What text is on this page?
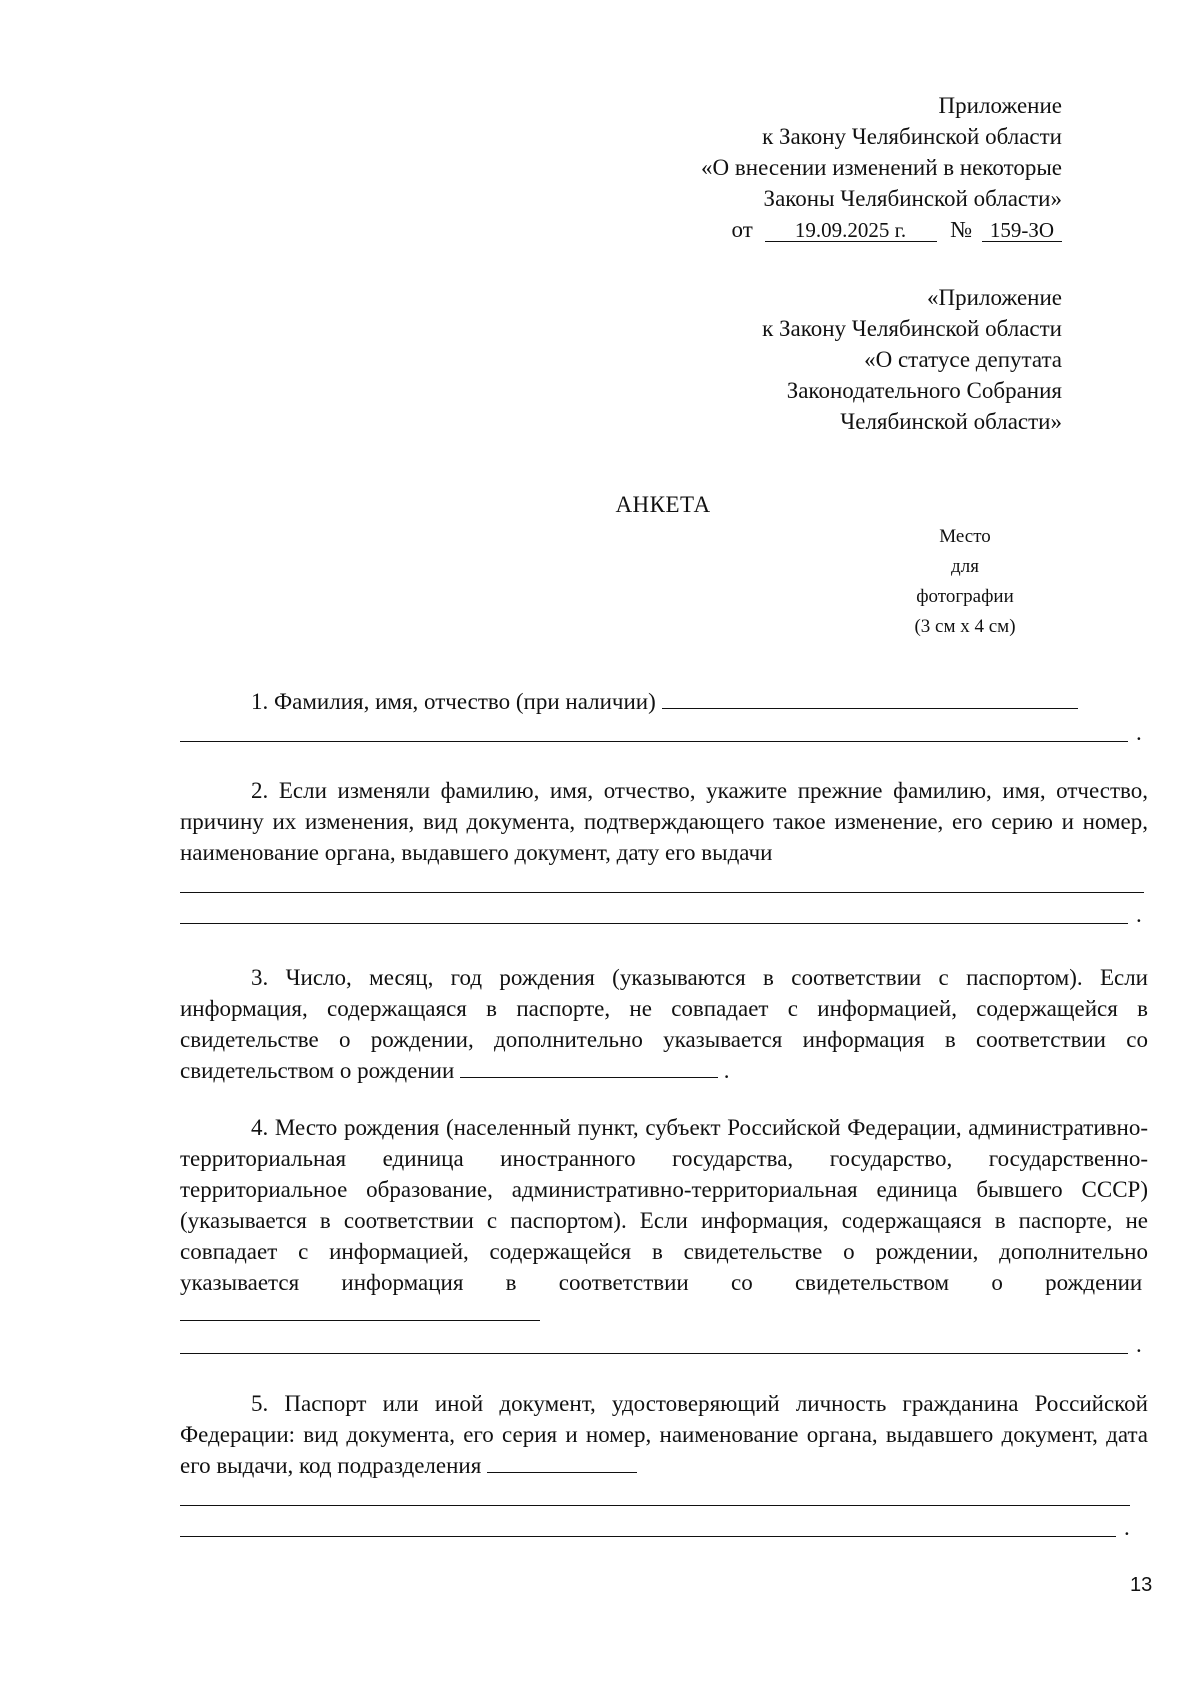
Приложение
к Закону Челябинской области
«О внесении изменений в некоторые
Законы Челябинской области»
от 19.09.2025 г. № 159-ЗО
«Приложение
к Закону Челябинской области
«О статусе депутата
Законодательного Собрания
Челябинской области»
АНКЕТА
Место
для
фотографии
(3 см х 4 см)

1. Фамилия, имя, отчество (при наличии)

.

2. Если изменяли фамилию, имя, отчество, укажите прежние фамилию, имя, отчество, причину их изменения, вид документа, подтверждающего такое изменение, его серию и номер, наименование органа, выдавшего документ, дату его выдачи

.

3. Число, месяц, год рождения (указываются в соответствии с паспортом). Если информация, содержащаяся в паспорте, не совпадает с информацией, содержащейся в свидетельстве о рождении, дополнительно указывается информация в соответствии со свидетельством о рождении	.

4. Место рождения (населенный пункт, субъект Российской Федерации, административно-территориальная единица иностранного государства, государство, государственно-территориальное образование, административно-территориальная единица бывшего СССР) (указывается в соответствии с паспортом). Если информация, содержащаяся в паспорте, не совпадает с информацией, содержащейся в свидетельстве о рождении, дополнительно указывается информация в соответствии со свидетельством о рождении

.

5. Паспорт или иной документ, удостоверяющий личность гражданина Российской Федерации: вид документа, его серия и номер, наименование органа, выдавшего документ, дата его выдачи, код подразделения

.
13
